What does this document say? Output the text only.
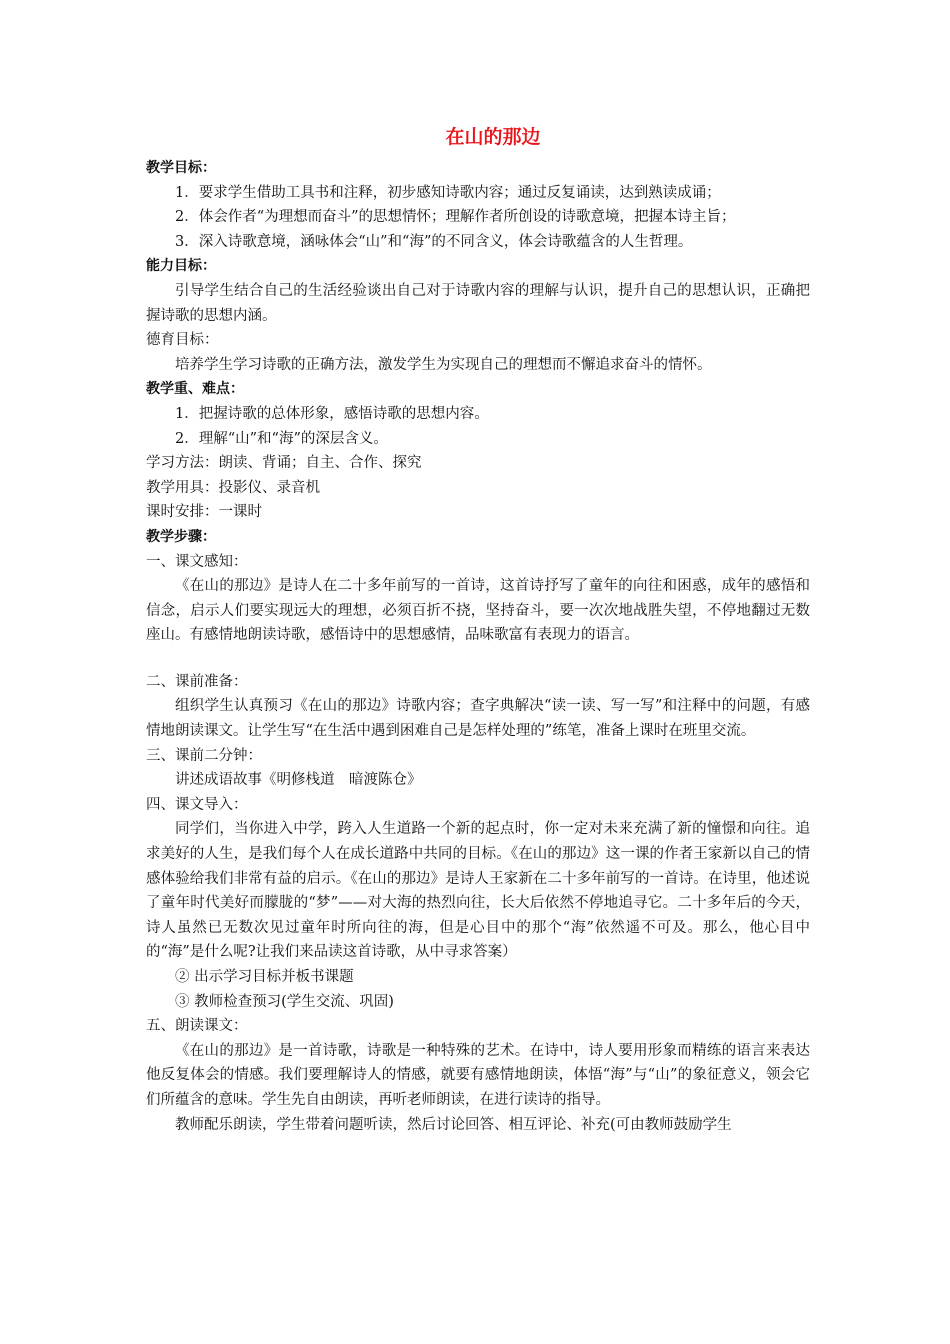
在山的那边
教学目标：

1．要求学生借助工具书和注释，初步感知诗歌内容；通过反复诵读，达到熟读成诵；

2．体会作者“为理想而奋斗”的思想情怀；理解作者所创设的诗歌意境，把握本诗主旨；

3．深入诗歌意境，涵咏体会“山”和“海”的不同含义，体会诗歌蕴含的人生哲理。

能力目标：

引导学生结合自己的生活经验谈出自己对于诗歌内容的理解与认识，提升自己的思想认识，正确把握诗歌的思想内涵。

德育目标：

培养学生学习诗歌的正确方法，激发学生为实现自己的理想而不懈追求奋斗的情怀。

教学重、难点：

1．把握诗歌的总体形象，感悟诗歌的思想内容。

2．理解“山”和“海”的深层含义。

学习方法：朗读、背诵；自主、合作、探究

教学用具：投影仪、录音机

课时安排：一课时

教学步骤：

一、课文感知：

《在山的那边》是诗人在二十多年前写的一首诗，这首诗抒写了童年的向往和困惑，成年的感悟和信念，启示人们要实现远大的理想，必须百折不挠，坚持奋斗，要一次次地战胜失望，不停地翻过无数座山。有感情地朗读诗歌，感悟诗中的思想感情，品味歌富有表现力的语言。

二、课前准备：

组织学生认真预习《在山的那边》诗歌内容；查字典解决“读一读、写一写”和注释中的问题，有感情地朗读课文。让学生写“在生活中遇到困难自己是怎样处理的”练笔，准备上课时在班里交流。

三、课前二分钟：

讲述成语故事《明修栈道　暗渡陈仓》

四、课文导入：

同学们，当你进入中学，跨入人生道路一个新的起点时，你一定对未来充满了新的憧憬和向往。追求美好的人生，是我们每个人在成长道路中共同的目标。《在山的那边》这一课的作者王家新以自己的情感体验给我们非常有益的启示。《在山的那边》是诗人王家新在二十多年前写的一首诗。在诗里，他述说了童年时代美好而朦胧的“梦”——对大海的热烈向往，长大后依然不停地追寻它。二十多年后的今天，诗人虽然已无数次见过童年时所向往的海，但是心目中的那个“海”依然遥不可及。那么，他心目中的“海”是什么呢?让我们来品读这首诗歌，从中寻求答案）

② 出示学习目标并板书课题

③ 教师检查预习(学生交流、巩固)

五、朗读课文：

《在山的那边》是一首诗歌，诗歌是一种特殊的艺术。在诗中，诗人要用形象而精练的语言来表达他反复体会的情感。我们要理解诗人的情感，就要有感情地朗读，体悟“海”与“山”的象征意义，领会它们所蕴含的意味。学生先自由朗读，再听老师朗读，在进行读诗的指导。

教师配乐朗读，学生带着问题听读，然后讨论回答、相互评论、补充(可由教师鼓励学生
